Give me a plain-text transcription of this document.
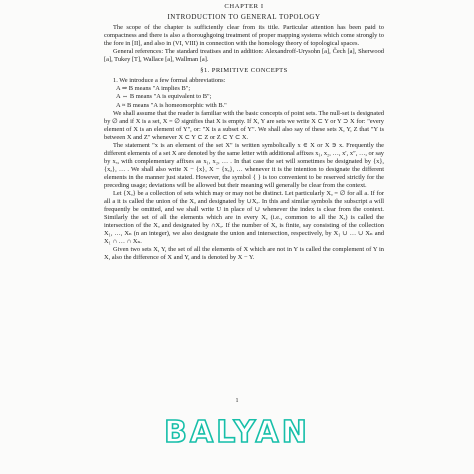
CHAPTER I
INTRODUCTION TO GENERAL TOPOLOGY

The scope of the chapter is sufficiently clear from its title. Particular attention has been paid to compactness and there is also a thoroughgoing treatment of proper mapping systems which come strongly to the fore in [II], and also in (VI, VIII) in connection with the homology theory of topological spaces.

General references: The standard treatises and in addition: Alexandroff-Urysohn [a], Čech [a], Sherwood [a], Tukey [T], Wallace [a], Wallman [a].

§1. PRIMITIVE CONCEPTS

1. We introduce a few formal abbreviations:

A ⇒ B means "A implies B";

A ⇔ B means "A is equivalent to B";

A ≈ B means "A is homeomorphic with B."

We shall assume that the reader is familiar with the basic concepts of point sets. The null-set is designated by ∅ and if X is a set, X = ∅ signifies that X is empty. If X, Y are sets we write X ⊂ Y or Y ⊃ X for: "every element of X is an element of Y", or: "X is a subset of Y". We shall also say of these sets X, Y, Z that "Y is between X and Z" whenever X ⊂ Y ⊂ Z or Z ⊂ Y ⊂ X.

The statement "x is an element of the set X" is written symbolically x ∈ X or X ∋ x. Frequently the different elements of a set X are denoted by the same letter with additional affixes x₁, x₂, …, x′, x″, …, or say by xₐ, with complementary affixes as x₁, x₂, … . In that case the set will sometimes be designated by {x}, {xₐ}, … . We shall also write X − {x}, X − {xₐ}, … whenever it is the intention to designate the different elements in the manner just stated. However, the symbol { } is too convenient to be reserved strictly for the preceding usage; deviations will be allowed but their meaning will generally be clear from the context.

Let {Xₐ} be a collection of sets which may or may not be distinct. Let particularly Xₐ = ∅ for all a. If for all a it is called the union of the Xₐ and designated by ∪Xₐ. In this and similar symbols the subscript a will frequently be omitted, and we shall write U in place of ∪ whenever the index is clear from the context. Similarly the set of all the elements which are in every Xₐ (i.e., common to all the Xₐ) is called the intersection of the Xₐ and designated by ∩Xₐ. If the number of Xₐ is finite, say consisting of the collection X₁, …, Xₙ (n an integer), we also designate the union and intersection, respectively, by X₁ ∪ … ∪ Xₙ and X₁ ∩ … ∩ Xₙ.

Given two sets X, Y, the set of all the elements of X which are not in Y is called the complement of Y in X, also the difference of X and Y, and is denoted by X − Y.

1
BALYAN
